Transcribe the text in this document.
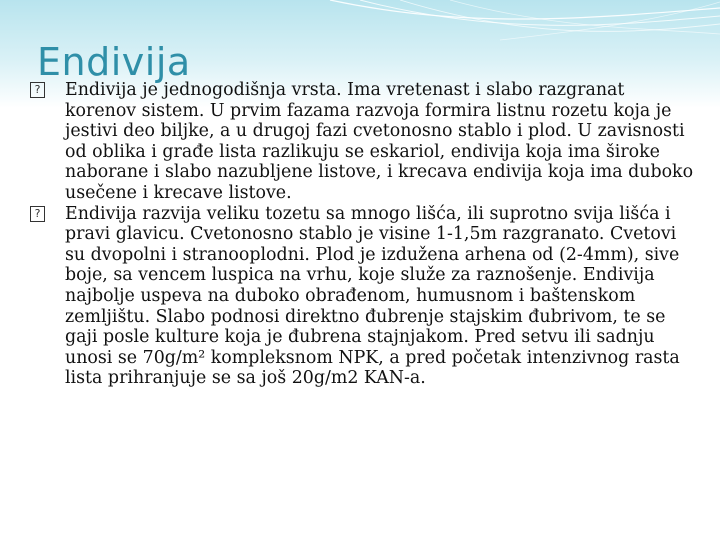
Endivija

? Endivija je jednogodišnja vrsta. Ima vretenast i slabo razgranat korenov sistem. U prvim fazama razvoja formira listnu rozetu koja je jestivi deo biljke, a u drugoj fazi cvetonosno stablo i plod. U zavisnosti od oblika i građe lista razlikuju se eskariol, endivija koja ima široke naborane i slabo nazubljene listove, i krecava endivija koja ima duboko usečene i krecave listove.

? Endivija razvija veliku tozetu sa mnogo lišća, ili suprotno svija lišća i pravi glavicu. Cvetonosno stablo je visine 1-1,5m razgranato. Cvetovi su dvopolni i stranooplodni. Plod je izdužena arhena od (2-4mm), sive boje, sa vencem luspica na vrhu, koje služe za raznošenje. Endivija najbolje uspeva na duboko obrađenom, humusnom i baštenskom zemljištu. Slabo podnosi direktno đubrenje stajskim đubrivom, te se gaji posle kulture koja je đubrena stajnjakom. Pred setvu ili sadnju unosi se 70g/m² kompleksnom NPK, a pred početak intenzivnog rasta lista prihranjuje se sa još 20g/m2 KAN-a.
